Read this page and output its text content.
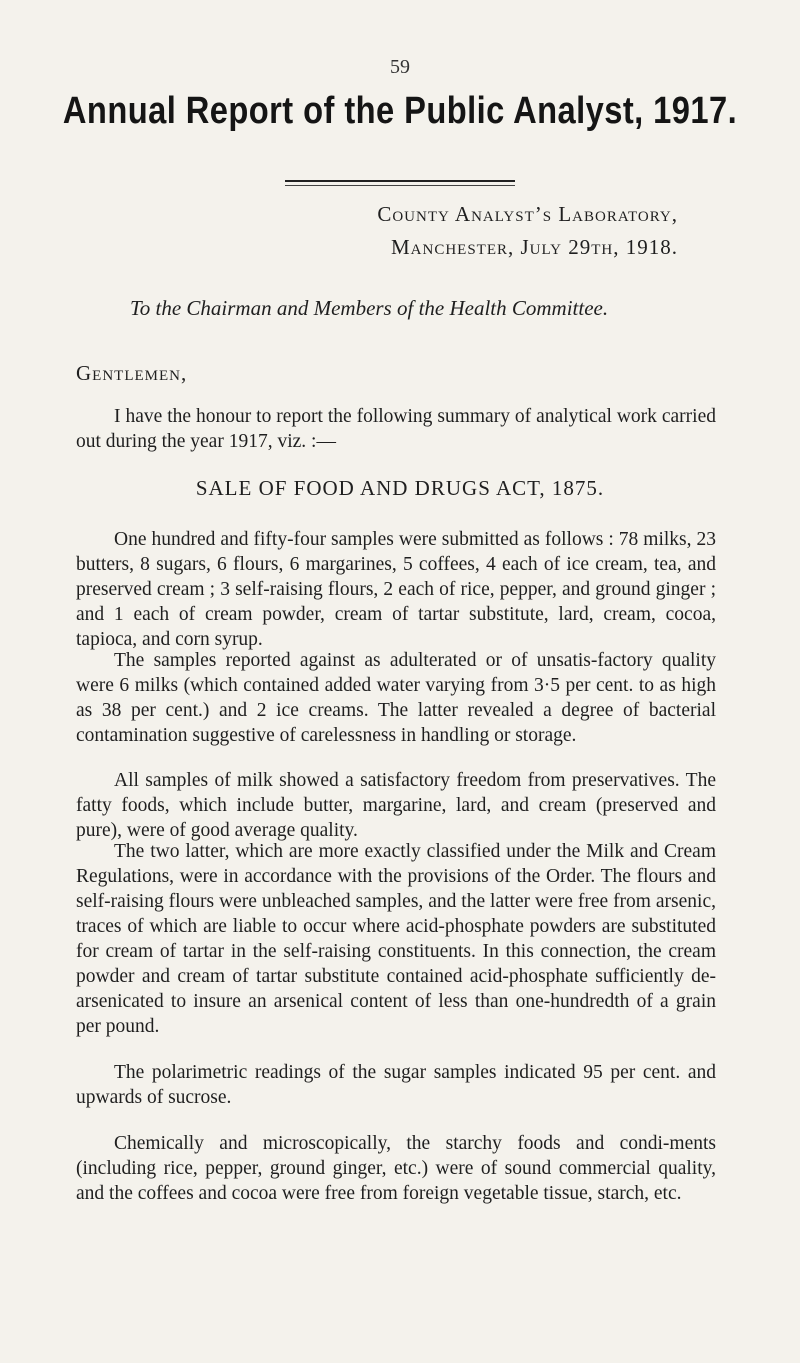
59
Annual Report of the Public Analyst, 1917.
County Analyst’s Laboratory,
Manchester, July 29th, 1918.
To the Chairman and Members of the Health Committee.
Gentlemen,

I have the honour to report the following summary of analytical work carried out during the year 1917, viz. :—

SALE OF FOOD AND DRUGS ACT, 1875.

One hundred and fifty-four samples were submitted as follows : 78 milks, 23 butters, 8 sugars, 6 flours, 6 margarines, 5 coffees, 4 each of ice cream, tea, and preserved cream ; 3 self-raising flours, 2 each of rice, pepper, and ground ginger ; and 1 each of cream powder, cream of tartar substitute, lard, cream, cocoa, tapioca, and corn syrup.

The samples reported against as adulterated or of unsatis-factory quality were 6 milks (which contained added water varying from 3·5 per cent. to as high as 38 per cent.) and 2 ice creams. The latter revealed a degree of bacterial contamination suggestive of carelessness in handling or storage.

All samples of milk showed a satisfactory freedom from preservatives. The fatty foods, which include butter, margarine, lard, and cream (preserved and pure), were of good average quality.

The two latter, which are more exactly classified under the Milk and Cream Regulations, were in accordance with the provisions of the Order. The flours and self-raising flours were unbleached samples, and the latter were free from arsenic, traces of which are liable to occur where acid-phosphate powders are substituted for cream of tartar in the self-raising constituents. In this connection, the cream powder and cream of tartar substitute contained acid-phosphate sufficiently de-arsenicated to insure an arsenical content of less than one-hundredth of a grain per pound.

The polarimetric readings of the sugar samples indicated 95 per cent. and upwards of sucrose.

Chemically and microscopically, the starchy foods and condi-ments (including rice, pepper, ground ginger, etc.) were of sound commercial quality, and the coffees and cocoa were free from foreign vegetable tissue, starch, etc.
